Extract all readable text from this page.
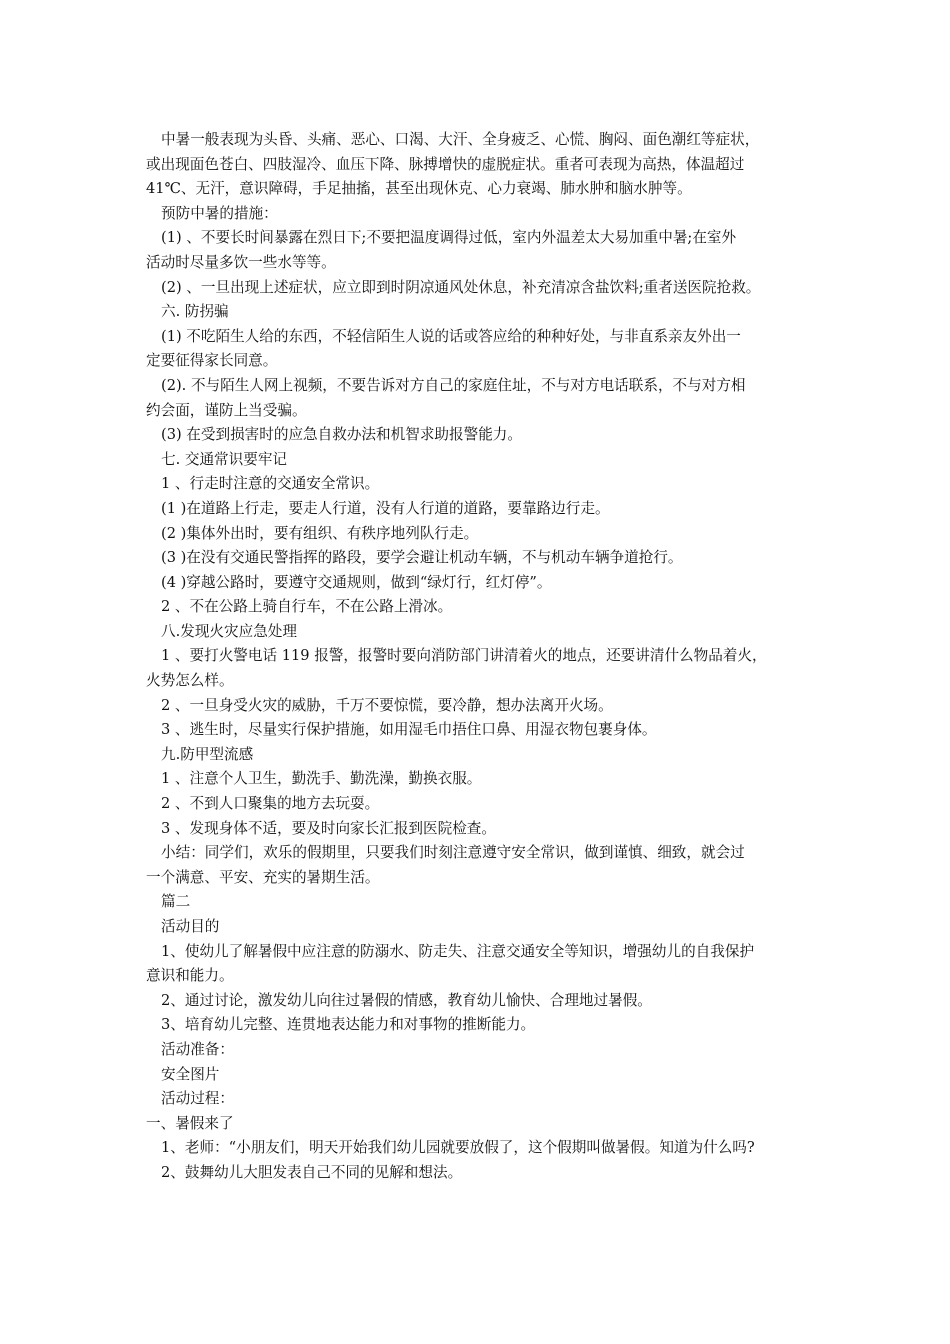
中暑一般表现为头昏、头痛、恶心、口渴、大汗、全身疲乏、心慌、胸闷、面色潮红等症状，
或出现面色苍白、四肢湿冷、血压下降、脉搏增快的虚脱症状。重者可表现为高热，体温超过
41℃、无汗，意识障碍，手足抽搐，甚至出现休克、心力衰竭、肺水肿和脑水肿等。
预防中暑的措施：
(1) 、不要长时间暴露在烈日下;不要把温度调得过低，室内外温差太大易加重中暑;在室外
活动时尽量多饮一些水等等。
(2) 、一旦出现上述症状，应立即到时阴凉通风处休息，补充清凉含盐饮料;重者送医院抢救。
六. 防拐骗
(1) 不吃陌生人给的东西，不轻信陌生人说的话或答应给的种种好处，与非直系亲友外出一
定要征得家长同意。
(2). 不与陌生人网上视频，不要告诉对方自己的家庭住址，不与对方电话联系，不与对方相
约会面，谨防上当受骗。
(3) 在受到损害时的应急自救办法和机智求助报警能力。
七. 交通常识要牢记
1 、行走时注意的交通安全常识。
(1 )在道路上行走，要走人行道，没有人行道的道路，要靠路边行走。
(2 )集体外出时，要有组织、有秩序地列队行走。
(3 )在没有交通民警指挥的路段，要学会避让机动车辆，不与机动车辆争道抢行。
(4 )穿越公路时，要遵守交通规则，做到“绿灯行，红灯停”。
2 、不在公路上骑自行车，不在公路上滑冰。
八.发现火灾应急处理
1 、要打火警电话 119 报警，报警时要向消防部门讲清着火的地点，还要讲清什么物品着火，
火势怎么样。
2 、一旦身受火灾的威胁，千万不要惊慌，要冷静，想办法离开火场。
3 、逃生时，尽量实行保护措施，如用湿毛巾捂住口鼻、用湿衣物包裹身体。
九.防甲型流感
1 、注意个人卫生，勤洗手、勤洗澡，勤换衣服。
2 、不到人口聚集的地方去玩耍。
3 、发现身体不适，要及时向家长汇报到医院检查。
小结：同学们，欢乐的假期里，只要我们时刻注意遵守安全常识，做到谨慎、细致，就会过
一个满意、平安、充实的暑期生活。
篇二
活动目的
1、使幼儿了解暑假中应注意的防溺水、防走失、注意交通安全等知识，增强幼儿的自我保护
意识和能力。
2、通过讨论，激发幼儿向往过暑假的情感，教育幼儿愉快、合理地过暑假。
3、培育幼儿完整、连贯地表达能力和对事物的推断能力。
活动准备：
安全图片
活动过程：
一、暑假来了
1、老师：“小朋友们，明天开始我们幼儿园就要放假了，这个假期叫做暑假。知道为什么吗?
2、鼓舞幼儿大胆发表自己不同的见解和想法。
